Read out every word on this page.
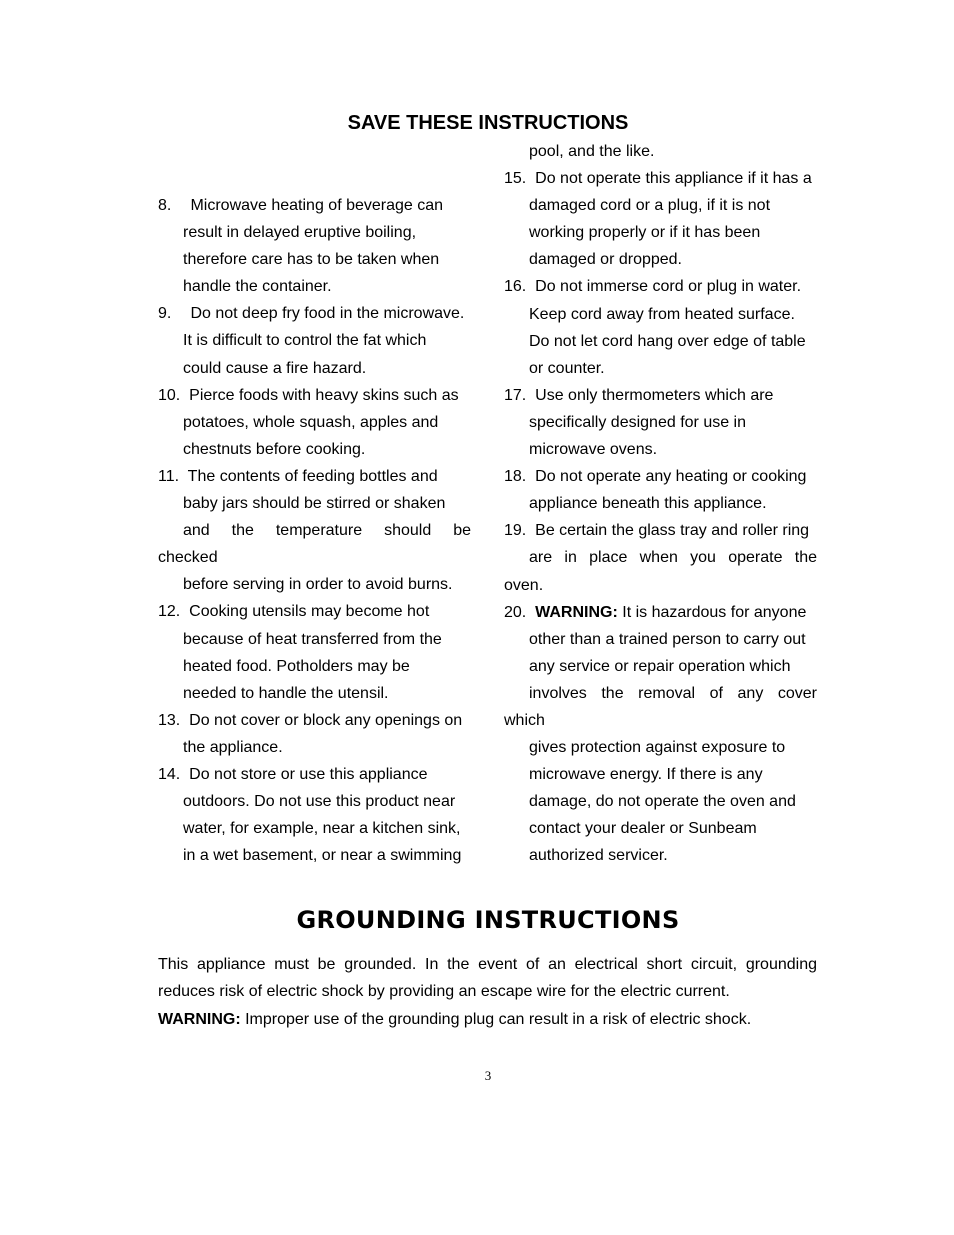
SAVE THESE INSTRUCTIONS
8. Microwave heating of beverage can
result in delayed eruptive boiling,
therefore care has to be taken when
handle the container.
9. Do not deep fry food in the microwave.
It is difficult to control the fat which
could cause a fire hazard.
10. Pierce foods with heavy skins such as
potatoes, whole squash, apples and
chestnuts before cooking.
11. The contents of feeding bottles and
baby jars should be stirred or shaken
and the temperature should be
checked
before serving in order to avoid burns.
12. Cooking utensils may become hot
because of heat transferred from the
heated food. Potholders may be
needed to handle the utensil.
13. Do not cover or block any openings on
the appliance.
14. Do not store or use this appliance
outdoors. Do not use this product near
water, for example, near a kitchen sink,
in a wet basement, or near a swimming
pool, and the like.
15. Do not operate this appliance if it has a
damaged cord or a plug, if it is not
working properly or if it has been
damaged or dropped.
16. Do not immerse cord or plug in water.
Keep cord away from heated surface.
Do not let cord hang over edge of table
or counter.
17. Use only thermometers which are
specifically designed for use in
microwave ovens.
18. Do not operate any heating or cooking
appliance beneath this appliance.
19. Be certain the glass tray and roller ring
are in place when you operate the
oven.
20. WARNING: It is hazardous for anyone
other than a trained person to carry out
any service or repair operation which
involves the removal of any cover
which
gives protection against exposure to
microwave energy. If there is any
damage, do not operate the oven and
contact your dealer or Sunbeam
authorized servicer.
GROUNDING INSTRUCTIONS
This appliance must be grounded. In the event of an electrical short circuit, grounding reduces risk of electric shock by providing an escape wire for the electric current.
WARNING: Improper use of the grounding plug can result in a risk of electric shock.
3
